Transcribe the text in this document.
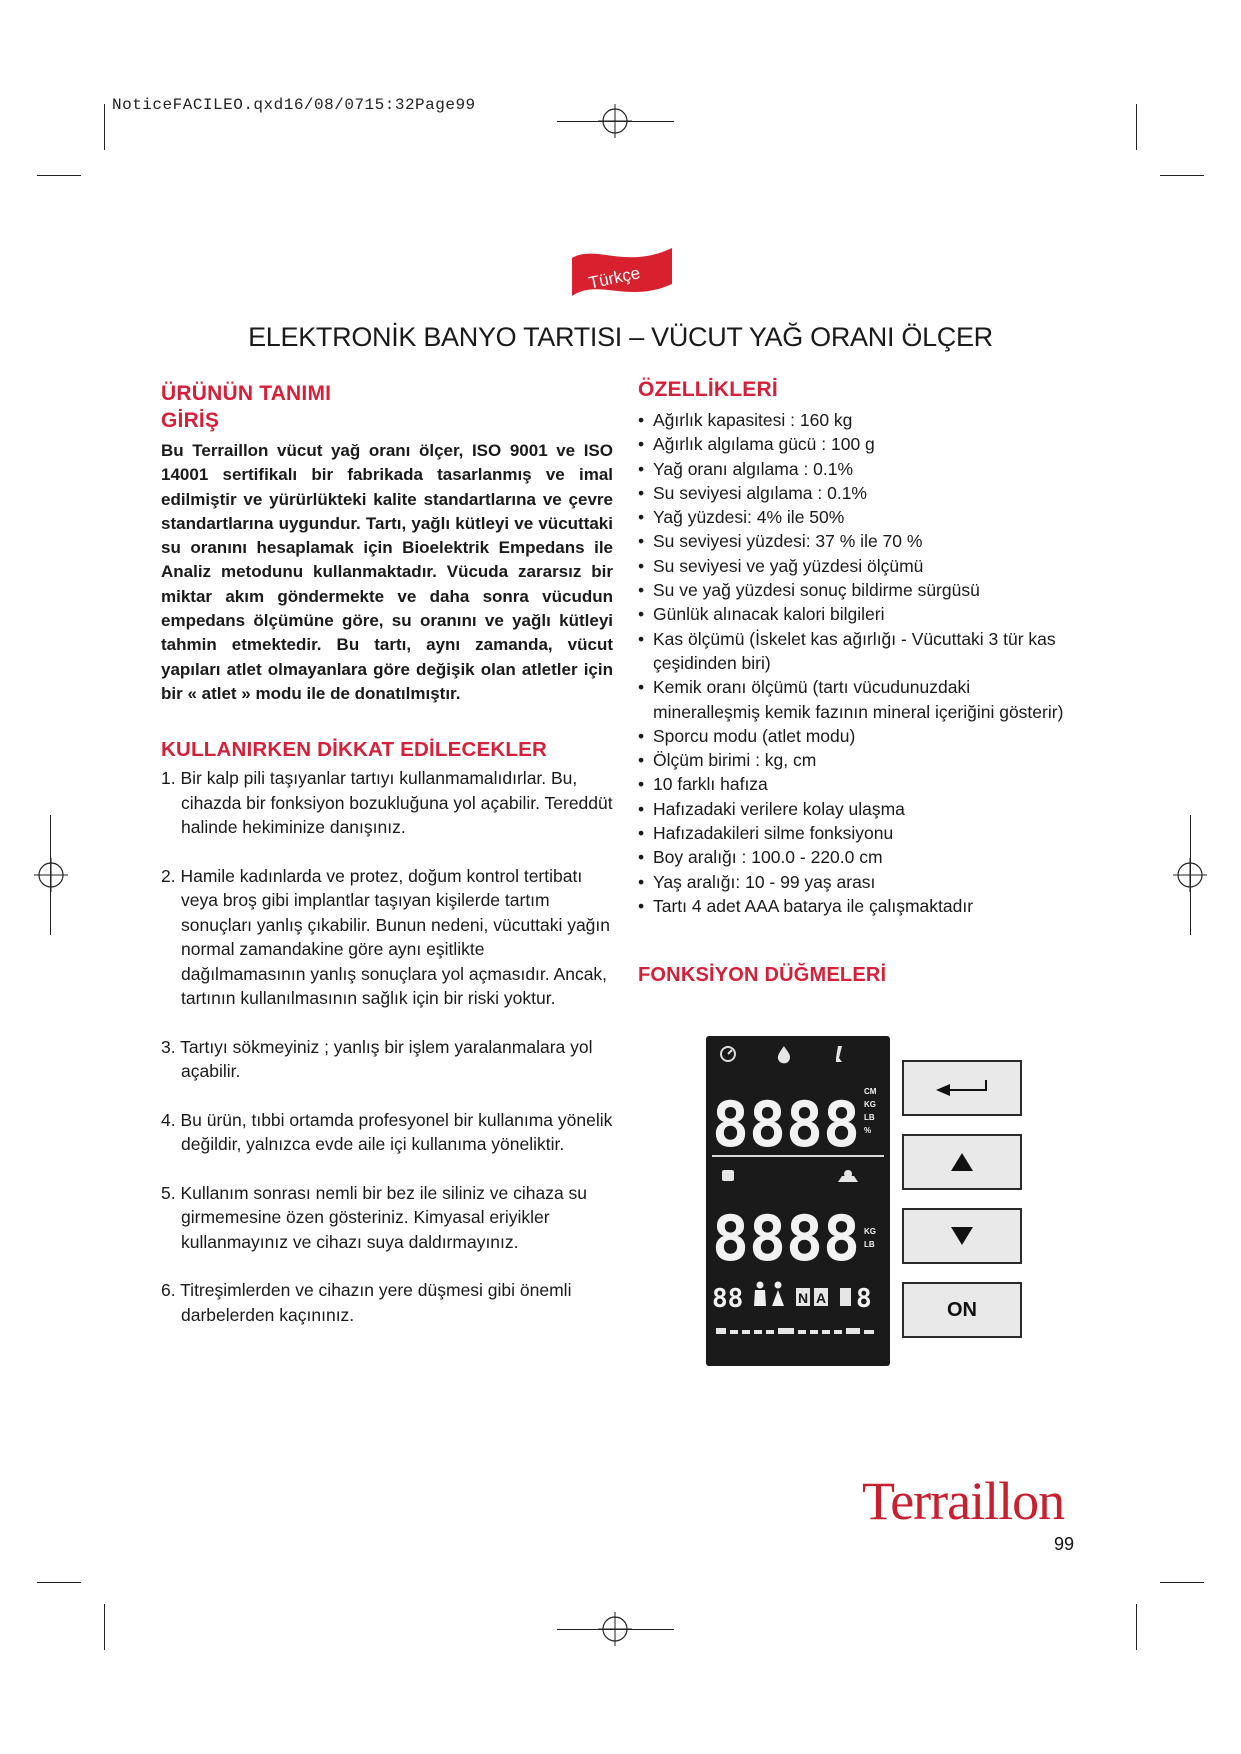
NoticeFACILEO.qxd16/08/0715:32Page99
Türkçe
ELEKTRONİK BANYO TARTISI – VÜCUT YAĞ ORANI ÖLÇER
ÜRÜNÜN TANIMI
GİRİŞ
Bu Terraillon vücut yağ oranı ölçer, ISO 9001 ve ISO 14001 sertifikalı bir fabrikada tasarlanmış ve imal edilmiştir ve yürürlükteki kalite standartlarına ve çevre standartlarına uygundur. Tartı, yağlı kütleyi ve vücuttaki su oranını hesaplamak için Bioelektrik Empedans ile Analiz metodunu kullanmaktadır. Vücuda zararsız bir miktar akım göndermekte ve daha sonra vücudun empedans ölçümüne göre, su oranını ve yağlı kütleyi tahmin etmektedir. Bu tartı, aynı zamanda, vücut yapıları atlet olmayanlara göre değişik olan atletler için bir « atlet » modu ile de donatılmıştır.
KULLANIRKEN DİKKAT EDİLECEKLER

1. Bir kalp pili taşıyanlar tartıyı kullanmamalıdırlar. Bu, cihazda bir fonksiyon bozukluğuna yol açabilir. Tereddüt halinde hekiminize danışınız.

2. Hamile kadınlarda ve protez, doğum kontrol tertibatı veya broş gibi implantlar taşıyan kişilerde tartım sonuçları yanlış çıkabilir. Bunun nedeni, vücuttaki yağın normal zamandakine göre aynı eşitlikte dağılmamasının yanlış sonuçlara yol açmasıdır. Ancak, tartının kullanılmasının sağlık için bir riski yoktur.

3. Tartıyı sökmeyiniz ; yanlış bir işlem yaralanmalara yol açabilir.

4. Bu ürün, tıbbi ortamda profesyonel bir kullanıma yönelik değildir, yalnızca evde aile içi kullanıma yöneliktir.

5. Kullanım sonrası nemli bir bez ile siliniz ve cihaza su girmemesine özen gösteriniz. Kimyasal eriyikler kullanmayınız ve cihazı suya daldırmayınız.

6. Titreşimlerden ve cihazın yere düşmesi gibi önemli darbelerden kaçınınız.

ÖZELLİKLERİ
• Ağırlık kapasitesi : 160 kg
• Ağırlık algılama gücü : 100 g
• Yağ oranı algılama : 0.1%
• Su seviyesi algılama : 0.1%
• Yağ yüzdesi: 4% ile 50%
• Su seviyesi yüzdesi: 37 % ile 70 %
• Su seviyesi ve yağ yüzdesi ölçümü
• Su ve yağ yüzdesi sonuç bildirme sürgüsü
• Günlük alınacak kalori bilgileri
• Kas ölçümü (İskelet kas ağırlığı - Vücuttaki 3 tür kas çeşidinden biri)
• Kemik oranı ölçümü (tartı vücudunuzdaki mineralleşmiş kemik fazının mineral içeriğini gösterir)
• Sporcu modu (atlet modu)
• Ölçüm birimi : kg, cm
• 10 farklı hafıza
• Hafızadaki verilere kolay ulaşma
• Hafızadakileri silme fonksiyonu
• Boy aralığı : 100.0 - 220.0 cm
• Yaş aralığı: 10 - 99 yaş arası
• Tartı 4 adet AAA batarya ile çalışmaktadır
FONKSİYON DÜĞMELERİ
8888 CM
KG
LB
%
8888 KG
LB
88	N A 8	ON
Terraillon
99
